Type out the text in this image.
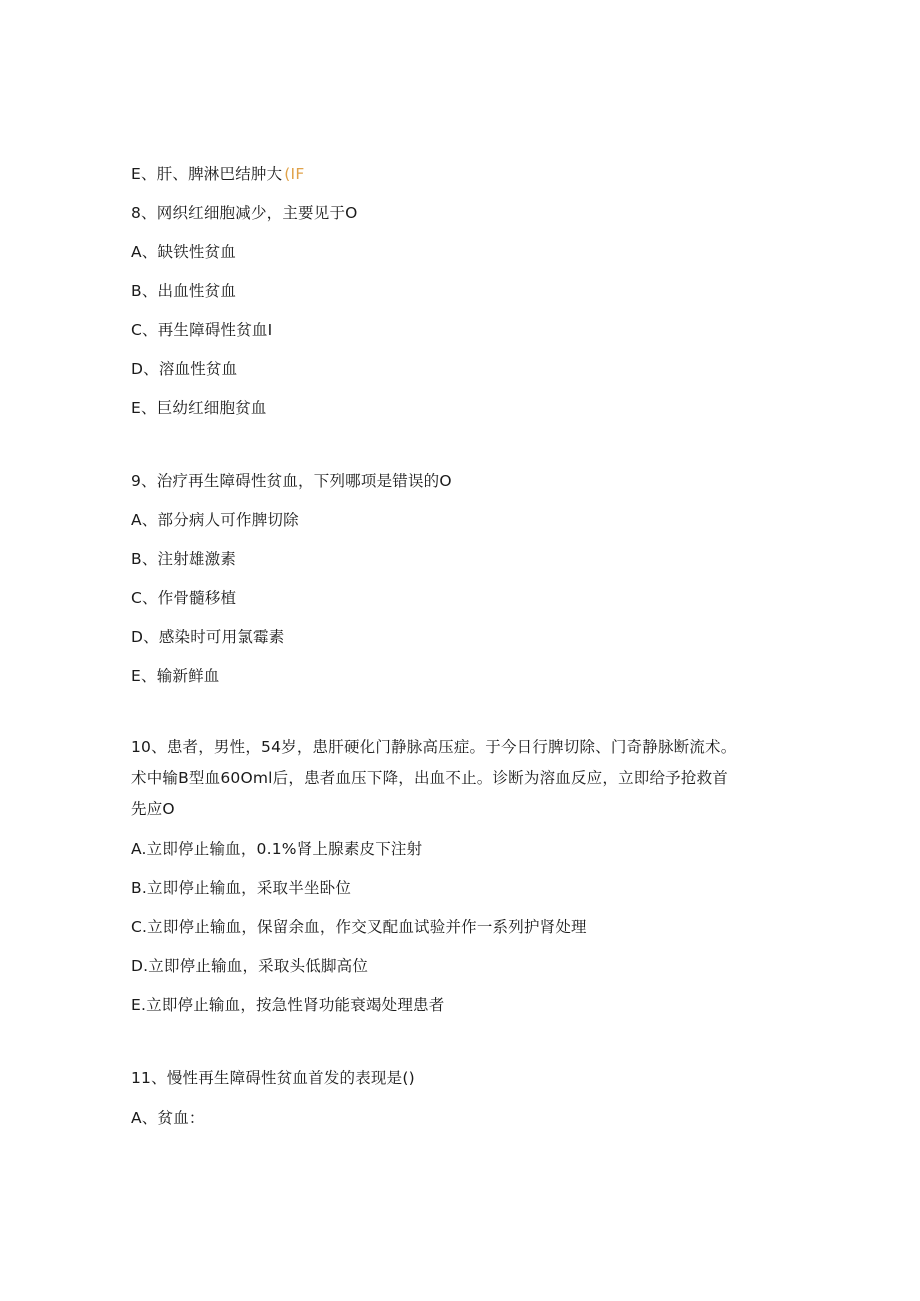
E、肝、脾淋巴结肿大 (IF
8、网织红细胞减少，主要见于O
A、缺铁性贫血
B、出血性贫血
C、再生障碍性贫血I
D、溶血性贫血
E、巨幼红细胞贫血
9、治疗再生障碍性贫血，下列哪项是错误的O
A、部分病人可作脾切除
B、注射雄激素
C、作骨髓移植
D、感染时可用氯霉素
E、输新鲜血
10、患者，男性，54岁，患肝硬化门静脉高压症。于今日行脾切除、门奇静脉断流术。
术中输B型血60Oml后，患者血压下降，出血不止。诊断为溶血反应，立即给予抢救首
先应O
A.立即停止输血，0.1%肾上腺素皮下注射
B.立即停止输血，采取半坐卧位
C.立即停止输血，保留余血，作交叉配血试验并作一系列护肾处理
D.立即停止输血，采取头低脚高位
E.立即停止输血，按急性肾功能衰竭处理患者
11、慢性再生障碍性贫血首发的表现是()
A、贫血：
